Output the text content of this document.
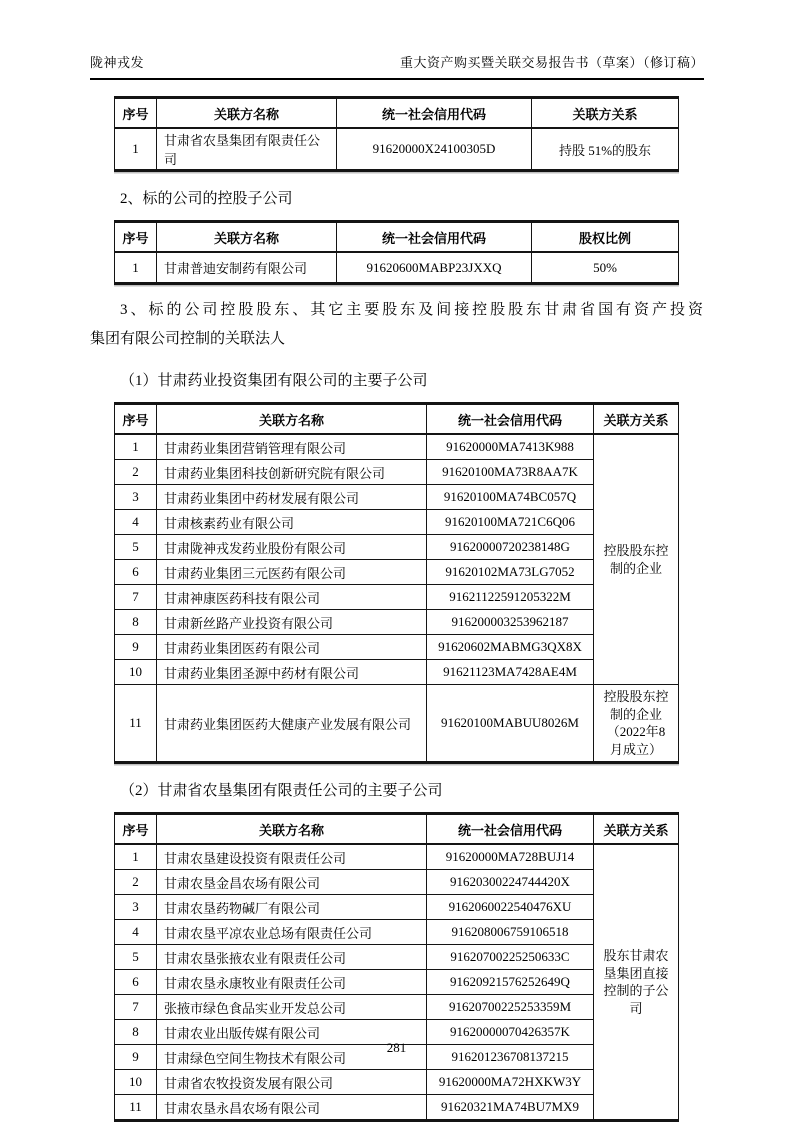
陇神戎发	重大资产购买暨关联交易报告书（草案）（修订稿）
序号	关联方名称	统一社会信用代码	关联方关系
1	甘肃省农垦集团有限责任公司	91620000X24100305D	持股 51%的股东
2、标的公司的控股子公司
序号	关联方名称	统一社会信用代码	股权比例
1	甘肃普迪安制药有限公司	91620600MABP23JXXQ	50%
3、标的公司控股股东、其它主要股东及间接控股股东甘肃省国有资产投资
集团有限公司控制的关联法人
（1）甘肃药业投资集团有限公司的主要子公司
序号	关联方名称	统一社会信用代码	关联方关系
1	甘肃药业集团营销管理有限公司	91620000MA7413K988	控股股东控制的企业
2	甘肃药业集团科技创新研究院有限公司	91620100MA73R8AA7K	
3	甘肃药业集团中药材发展有限公司	91620100MA74BC057Q	
4	甘肃核素药业有限公司	91620100MA721C6Q06	
5	甘肃陇神戎发药业股份有限公司	91620000720238148G	
6	甘肃药业集团三元医药有限公司	91620102MA73LG7052	
7	甘肃神康医药科技有限公司	91621122591205322M	
8	甘肃新丝路产业投资有限公司	916200003253962187	
9	甘肃药业集团医药有限公司	91620602MABMG3QX8X	
10	甘肃药业集团圣源中药材有限公司	91621123MA7428AE4M	
11	甘肃药业集团医药大健康产业发展有限公司	91620100MABUU8026M	控股股东控制的企业（2022年8月成立）
（2）甘肃省农垦集团有限责任公司的主要子公司
序号	关联方名称	统一社会信用代码	关联方关系
1	甘肃农垦建设投资有限责任公司	91620000MA728BUJ14	股东甘肃农垦集团直接控制的子公司
2	甘肃农垦金昌农场有限公司	91620300224744420X	
3	甘肃农垦药物碱厂有限公司	9162060022540476XU	
4	甘肃农垦平凉农业总场有限责任公司	916208006759106518	
5	甘肃农垦张掖农业有限责任公司	91620700225250633C	
6	甘肃农垦永康牧业有限责任公司	91620921576252649Q	
7	张掖市绿色食品实业开发总公司	91620700225253359M	
8	甘肃农业出版传媒有限公司	91620000070426357K	
9	甘肃绿色空间生物技术有限公司	916201236708137215	
10	甘肃省农牧投资发展有限公司	91620000MA72HXKW3Y	
11	甘肃农垦永昌农场有限公司	91620321MA74BU7MX9	
281
